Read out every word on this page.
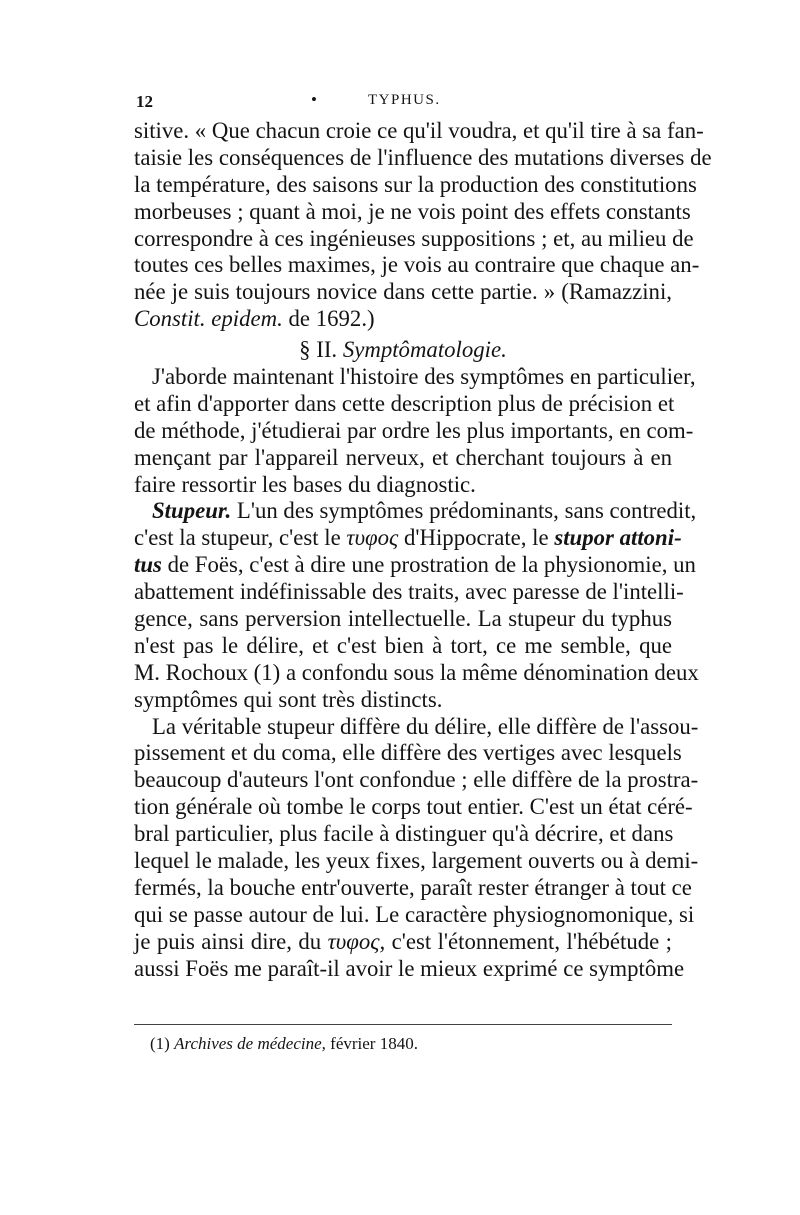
12	•	TYPHUS.
sitive. « Que chacun croie ce qu'il voudra, et qu'il tire à sa fan-
taisie les conséquences de l'influence des mutations diverses de
la température, des saisons sur la production des constitutions
morbeuses ; quant à moi, je ne vois point des effets constants
correspondre à ces ingénieuses suppositions ; et, au milieu de
toutes ces belles maximes, je vois au contraire que chaque an-
née je suis toujours novice dans cette partie. » (Ramazzini,
Constit. epidem. de 1692.)
§ II. Symptômatologie.
J'aborde maintenant l'histoire des symptômes en particulier,
et afin d'apporter dans cette description plus de précision et
de méthode, j'étudierai par ordre les plus importants, en com-
mençant par l'appareil nerveux, et cherchant toujours à en
faire ressortir les bases du diagnostic.
Stupeur. L'un des symptômes prédominants, sans contredit,
c'est la stupeur, c'est le τυφος d'Hippocrate, le stupor attoni-
tus de Foës, c'est à dire une prostration de la physionomie, un
abattement indéfinissable des traits, avec paresse de l'intelli-
gence, sans perversion intellectuelle. La stupeur du typhus
n'est pas le délire, et c'est bien à tort, ce me semble, que
M. Rochoux (1) a confondu sous la même dénomination deux
symptômes qui sont très distincts.
La véritable stupeur diffère du délire, elle diffère de l'assou-
pissement et du coma, elle diffère des vertiges avec lesquels
beaucoup d'auteurs l'ont confondue ; elle diffère de la prostra-
tion générale où tombe le corps tout entier. C'est un état céré-
bral particulier, plus facile à distinguer qu'à décrire, et dans
lequel le malade, les yeux fixes, largement ouverts ou à demi-
fermés, la bouche entr'ouverte, paraît rester étranger à tout ce
qui se passe autour de lui. Le caractère physiognomonique, si
je puis ainsi dire, du τυφος, c'est l'étonnement, l'hébétude ;
aussi Foës me paraît-il avoir le mieux exprimé ce symptôme
(1) Archives de médecine, février 1840.
